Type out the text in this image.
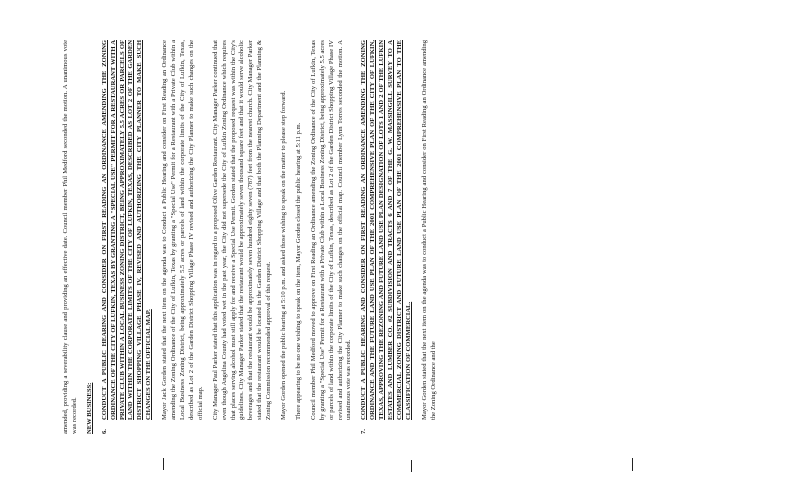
amended, providing a severability clause and providing an effective date. Council member Phil Medford seconded the motion. A unanimous vote was recorded. NEW BUSINESS: 6.
CONDUCT A PUBLIC HEARING AND CONSIDER ON FIRST READING AN ORDINANCE AMENDING THE ZONING ORDINANCE OF THE CITY OF LUFKIN, TEXAS BY GRANTING A "SPECIAL USE" PERMIT FOR A RESTAURANT WITH A PRIVATE CLUB WITHIN A LOCAL BUSINESS ZONING DISTRICT, BEING APPROXIMATELY 5.5 ACRES OR PARCELS OF LAND WITHIN THE CORPORATE LIMITS OF THE CITY OF LUFKIN, TEXAS, DESCRIBED AS LOT 2 OF THE GARDEN DISTRICT SHOPPING VILLAGE PHASE IV, REVISED AND AUTHORIZING THE CITY PLANNER TO MAKE SUCH CHANGES ON THE OFFICIAL MAP. Mayor Jack Gorden stated that the next item on the agenda was to Conduct a Public Hearing and consider on First Reading an Ordinance amending the Zoning Ordinance of the City of Lufkin, Texas by granting a "Special Use" Permit for a Restaurant with a Private Club within a Local Business Zoning District, being approximately 5.5 acres or parcels of land within the corporate limits of the City of Lufkin, Texas, described as Lot 2 of the Garden District Shopping Village Phase IV revised and authorizing the City Planner to make such changes on the official map. City Manager Paul Parker stated that this application was in regard to a proposed Olive Garden Restaurant. City Manager Parker continued that even though Angelina County had voted wet in the past year, the City did not supersede the City of Lufkin Zoning Ordinance which requires that places serving alcohol must still apply for and receive a Special Use Permit. Gorden stated that the proposed request was within the City's guidelines. City Manager Parker stated that the restaurant would be approximately seven thousand square feet and that it would serve alcoholic beverages and that the restaurant would be approximately seven hundred eighty seven (787) feet from the nearest church. City Manager Parker stated that the restaurant would be located in the Garden District Shopping Village and that both the Planning Department and the Planning & Zoning Commission recommended approval of this request. Mayor Gorden opened the public hearing at 5:10 p.m. and asked those wishing to speak on the matter to please step forward. There appearing to be no one wishing to speak on the item, Mayor Gorden closed the public hearing at 5:11 p.m. Council member Phil Medford moved to approve on First Reading an Ordinance amending the Zoning Ordinance of the City of Lufkin, Texas by granting a "Special Use" Permit for a Restaurant with a Private Club within a Local Business Zoning District, being approximately 5.5 acres or parcels of land within the corporate limits of the City of Lufkin, Texas, described as Lot 2 of the Garden District Shopping Village Phase IV revised and authorizing the City Planner to make such changes on the official map. Council member Lynn Torres seconded the motion. A unanimous vote was recorded.

7.
CONDUCT A PUBLIC HEARING AND CONSIDER ON FIRST READING AN ORDINANCE AMENDING THE ZONING ORDINANCE AND THE FUTURE LAND USE PLAN OF THE 2001 COMPREHENSIVE PLAN OF THE CITY OF LUFKIN, TEXAS, APPROVING THE REZONING AND FUTURE LAND USE PLAN DESIGNATION OF LOTS 1 AND 2 OF THE LUFKIN ESTATES AND LUMBER CO. #2 SUBDIVISION AND TRACTS 6 AND 7 OF THE G. W. MASSINGILL SURVEY TO A COMMERCIAL ZONING DISTRICT AND FUTURE LAND USE PLAN OF THE 2001 COMPREHENSIVE PLAN TO THE CLASSIFICATION OF COMMERCIAL. Mayor Gorden stated that the next item on the agenda was to conduct a Public Hearing and consider on First Reading an Ordinance amending the Zoning Ordinance and the
